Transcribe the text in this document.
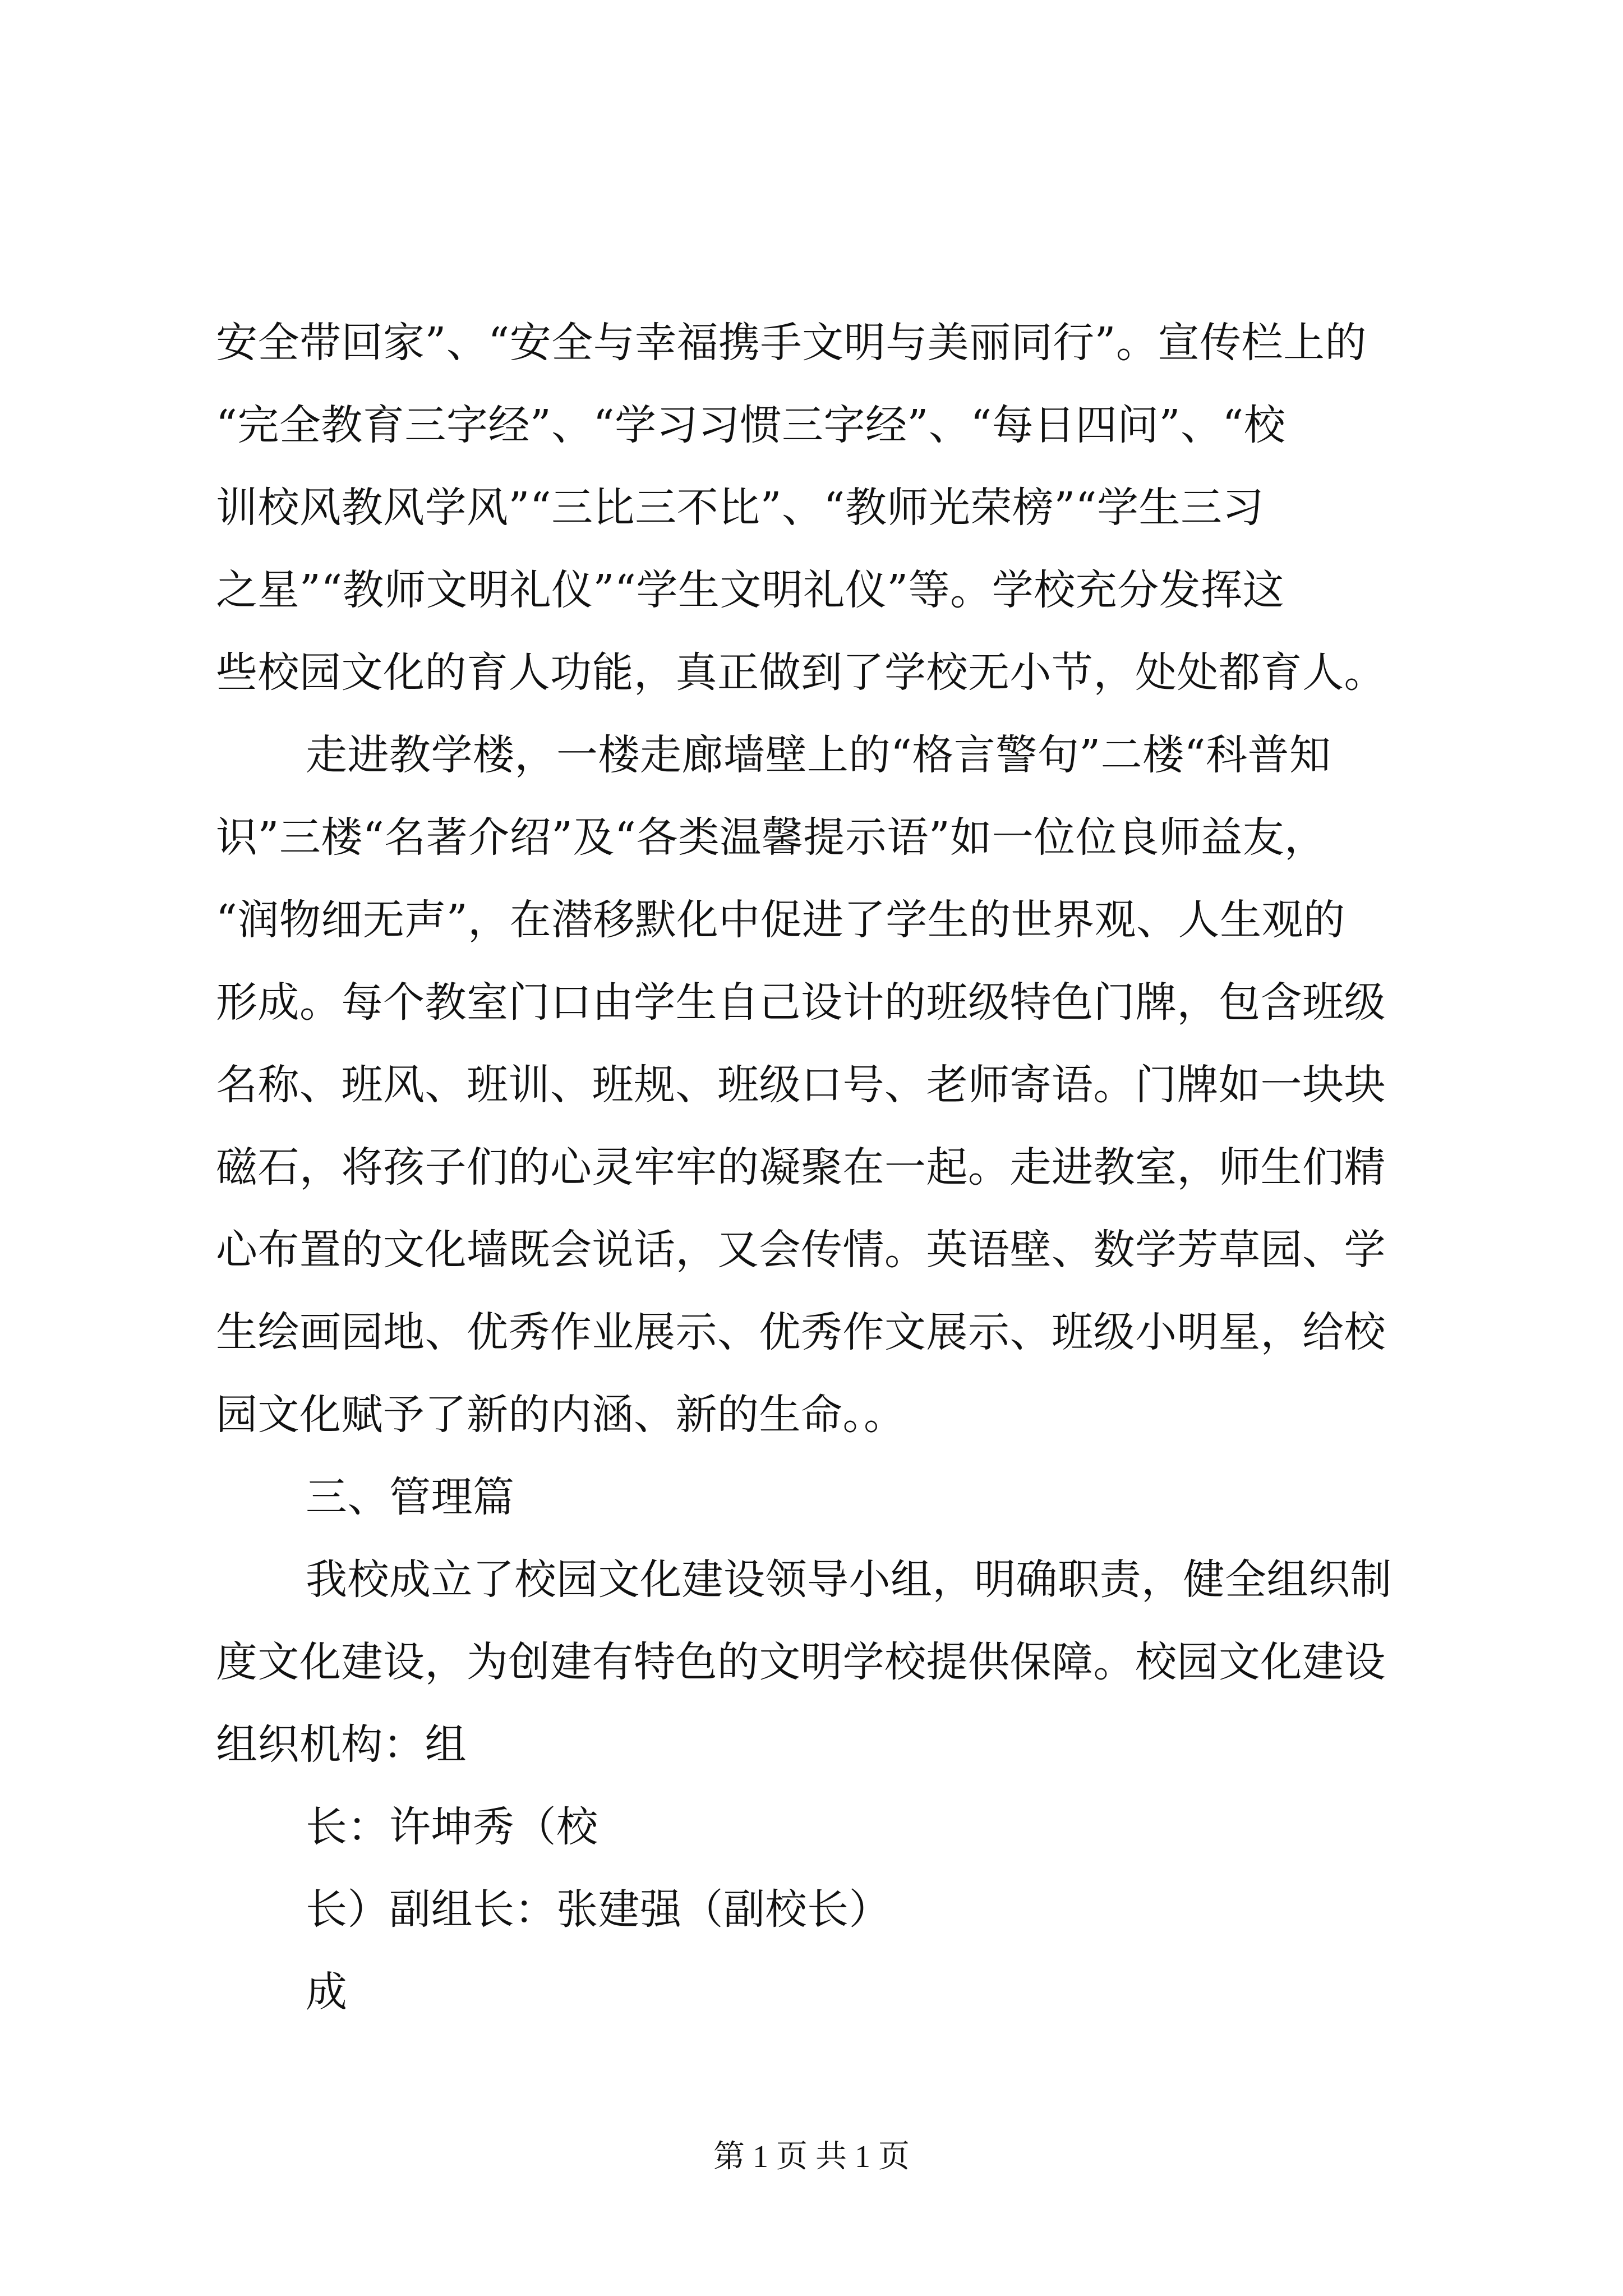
安全带回家”、“安全与幸福携手文明与美丽同行”。宣传栏上的
“完全教育三字经”、“学习习惯三字经”、“每日四问”、“校
训校风教风学风”“三比三不比”、“教师光荣榜”“学生三习
之星”“教师文明礼仪”“学生文明礼仪”等。学校充分发挥这
些校园文化的育人功能，真正做到了学校无小节，处处都育人。
走进教学楼，一楼走廊墙壁上的“格言警句”二楼“科普知
识”三楼“名著介绍”及“各类温馨提示语”如一位位良师益友，
“润物细无声”，在潜移默化中促进了学生的世界观、人生观的
形成。每个教室门口由学生自己设计的班级特色门牌，包含班级
名称、班风、班训、班规、班级口号、老师寄语。门牌如一块块
磁石，将孩子们的心灵牢牢的凝聚在一起。走进教室，师生们精
心布置的文化墙既会说话，又会传情。英语壁、数学芳草园、学
生绘画园地、优秀作业展示、优秀作文展示、班级小明星，给校
园文化赋予了新的内涵、新的生命。。
三、管理篇
我校成立了校园文化建设领导小组，明确职责，健全组织制
度文化建设，为创建有特色的文明学校提供保障。校园文化建设
组织机构：组
长：许坤秀（校
长）副组长：张建强（副校长）
成
第 1 页 共 1 页
